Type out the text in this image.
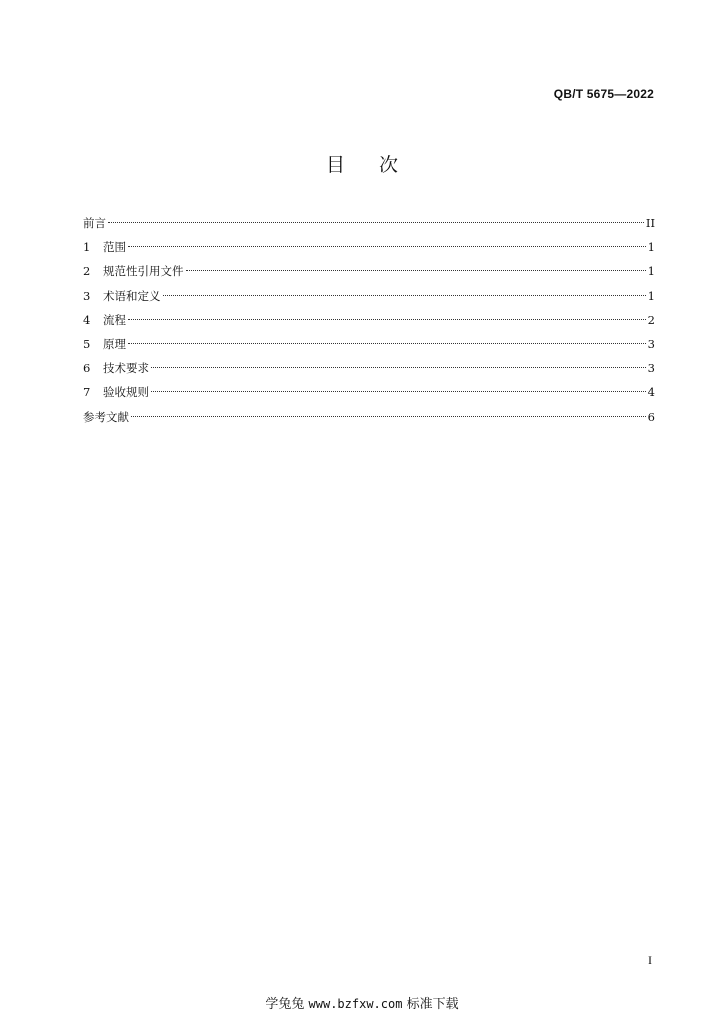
QB/T 5675—2022
目 次
前言	II
1	范围	1
2	规范性引用文件	1
3	术语和定义	1
4	流程	2
5	原理	3
6	技术要求	3
7	验收规则	4
参考文献	6
I
学兔兔 www.bzfxw.com 标准下载
